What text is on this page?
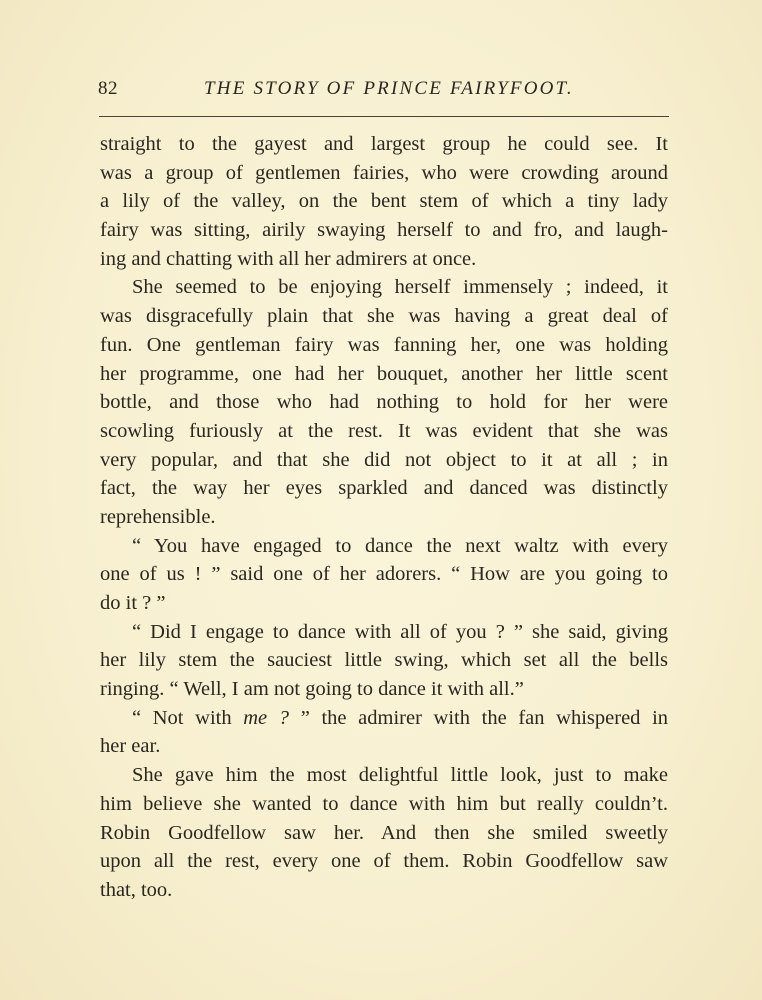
82	THE STORY OF PRINCE FAIRYFOOT.
straight to the gayest and largest group he could see. It
was a group of gentlemen fairies, who were crowding around
a lily of the valley, on the bent stem of which a tiny lady
fairy was sitting, airily swaying herself to and fro, and laugh-
ing and chatting with all her admirers at once.
She seemed to be enjoying herself immensely ; indeed, it
was disgracefully plain that she was having a great deal of
fun. One gentleman fairy was fanning her, one was holding
her programme, one had her bouquet, another her little scent
bottle, and those who had nothing to hold for her were
scowling furiously at the rest. It was evident that she was
very popular, and that she did not object to it at all ; in
fact, the way her eyes sparkled and danced was distinctly
reprehensible.
“ You have engaged to dance the next waltz with every
one of us ! ” said one of her adorers. “ How are you going to
do it ? ”
“ Did I engage to dance with all of you ? ” she said, giving
her lily stem the sauciest little swing, which set all the bells
ringing. “ Well, I am not going to dance it with all.”
“ Not with me ? ” the admirer with the fan whispered in
her ear.
She gave him the most delightful little look, just to make
him believe she wanted to dance with him but really couldn’t.
Robin Goodfellow saw her. And then she smiled sweetly
upon all the rest, every one of them. Robin Goodfellow saw
that, too.
